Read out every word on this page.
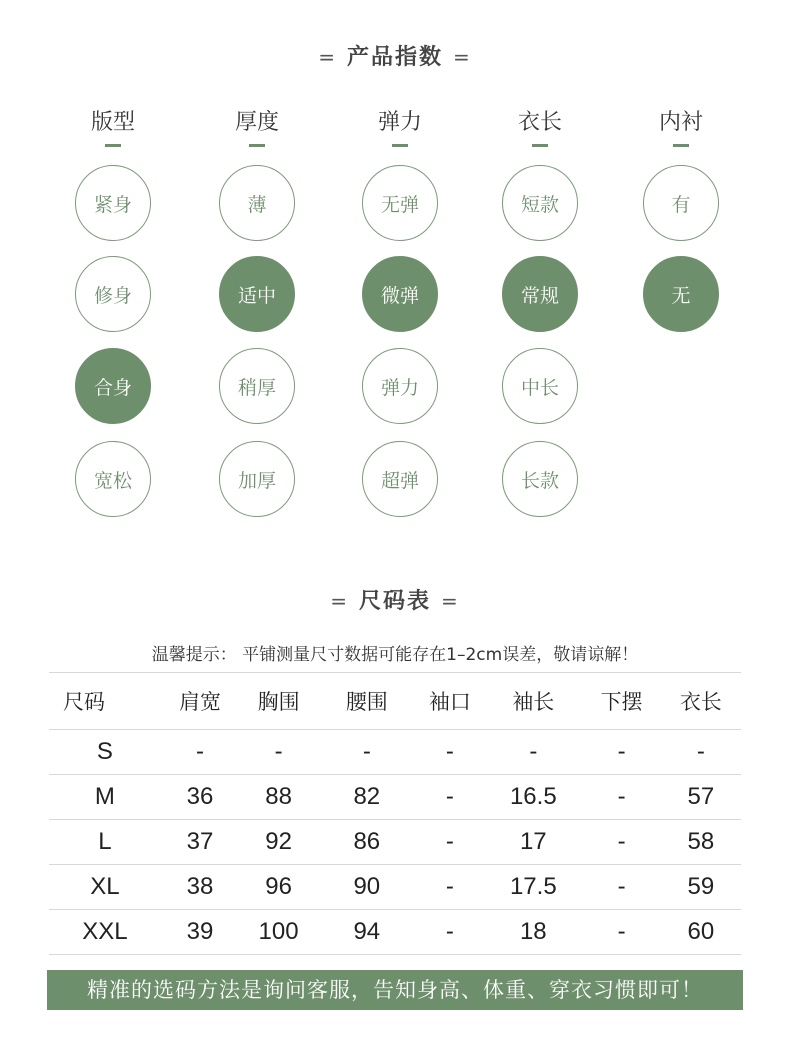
= 产品指数 =
版型
紧身
修身
合身
宽松
厚度
薄
适中
稍厚
加厚
弹力
无弹
微弹
弹力
超弹
衣长
短款
常规
中长
长款
内衬
有
无
= 尺码表 =
温馨提示： 平铺测量尺寸数据可能存在1–2cm误差，敬请谅解！
尺码	肩宽	胸围	腰围	袖口	袖长	下摆	衣长
S	-	-	-	-	-	-	-
M	36	88	82	-	16.5	-	57
L	37	92	86	-	17	-	58
XL	38	96	90	-	17.5	-	59
XXL	39	100	94	-	18	-	60
精准的选码方法是询问客服，告知身高、体重、穿衣习惯即可！
